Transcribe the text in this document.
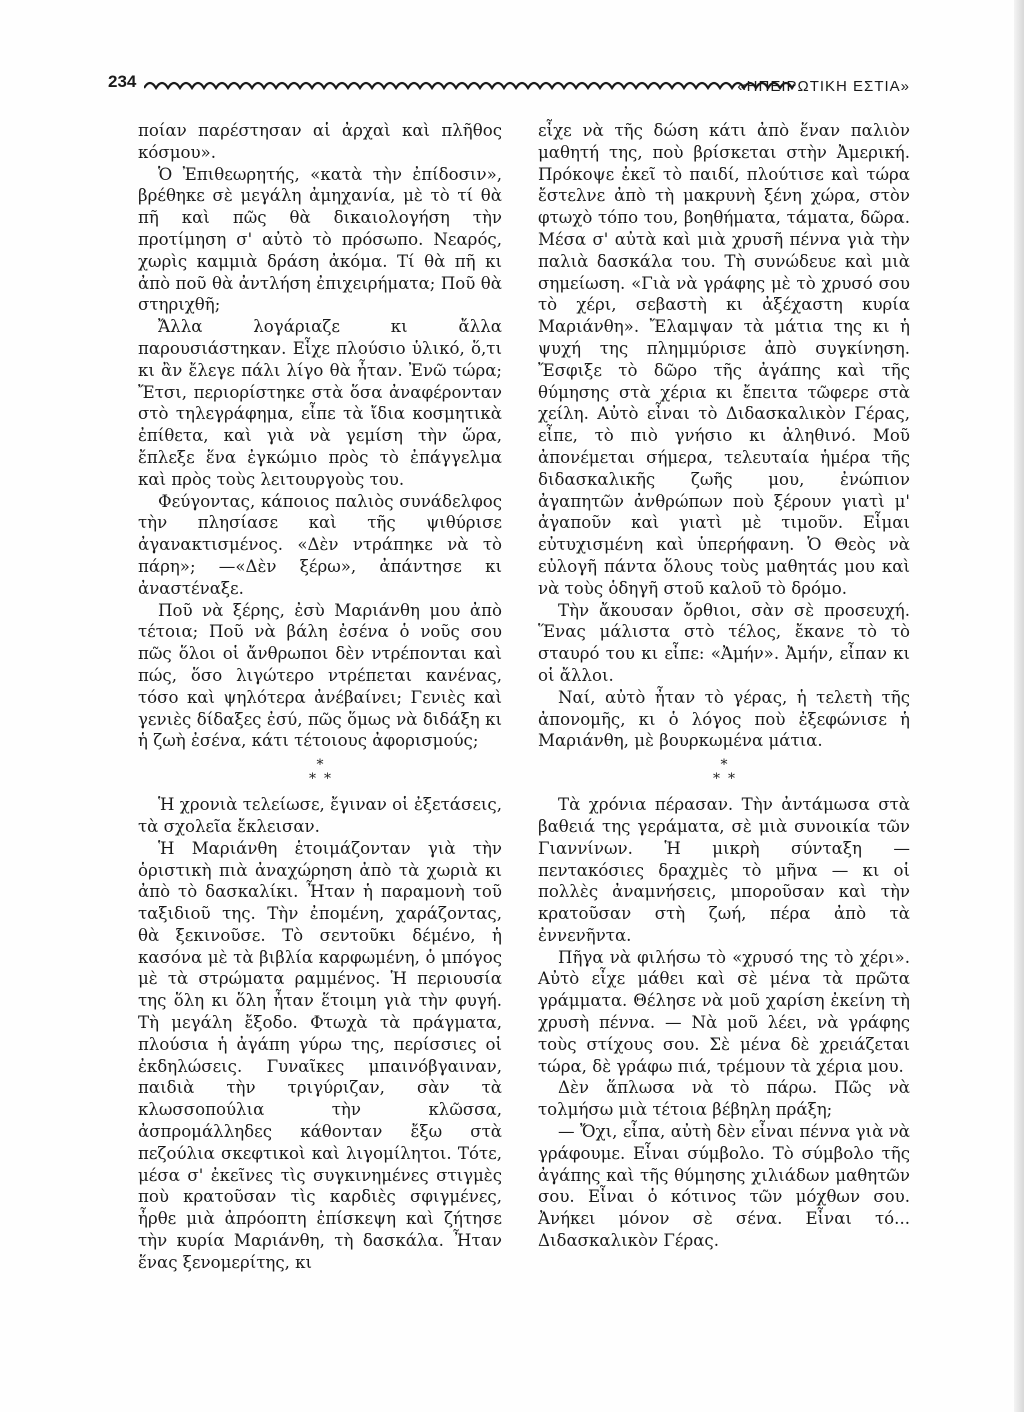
234	«ΗΠΕΙΡΩΤΙΚΗ ΕΣΤΙΑ»

ποίαν παρέστησαν αἱ ἀρχαὶ καὶ πλῆθος κόσμου».

Ὁ Ἐπιθεωρητής, «κατὰ τὴν ἐπίδοσιν», βρέθηκε σὲ μεγάλη ἀμηχανία, μὲ τὸ τί θὰ πῆ καὶ πῶς θὰ δικαιολογήση τὴν προτίμηση σ' αὐτὸ τὸ πρόσωπο. Νεαρός, χωρὶς καμμιὰ δράση ἀκόμα. Τί θὰ πῆ κι ἀπὸ ποῦ θὰ ἀντλήση ἐπιχειρήματα; Ποῦ θὰ στηριχθῆ;

Ἄλλα λογάριαζε κι ἄλλα παρουσιάστηκαν. Εἶχε πλούσιο ὑλικό, ὅ,τι κι ἂν ἔλεγε πάλι λίγο θὰ ἦταν. Ἐνῶ τώρα; Ἔτσι, περιορίστηκε στὰ ὅσα ἀναφέρονταν στὸ τηλεγράφημα, εἶπε τὰ ἴδια κοσμητικὰ ἐπίθετα, καὶ γιὰ νὰ γεμίση τὴν ὥρα, ἔπλεξε ἕνα ἐγκώμιο πρὸς τὸ ἐπάγγελμα καὶ πρὸς τοὺς λειτουργοὺς του.

Φεύγοντας, κάποιος παλιὸς συνάδελφος τὴν πλησίασε καὶ τῆς ψιθύρισε ἀγανακτισμένος. «Δὲν ντράπηκε νὰ τὸ πάρη»; —«Δὲν ξέρω», ἀπάντησε κι ἀναστέναξε.

Ποῦ νὰ ξέρης, ἐσὺ Μαριάνθη μου ἀπὸ τέτοια; Ποῦ νὰ βάλη ἐσένα ὁ νοῦς σου πῶς ὅλοι οἱ ἄνθρωποι δὲν ντρέπονται καὶ πώς, ὅσο λιγώτερο ντρέπεται κανένας, τόσο καὶ ψηλότερα ἀνέβαίνει; Γενιὲς καὶ γενιὲς δίδαξες ἐσύ, πῶς ὅμως νὰ διδάξη κι ἡ ζωὴ ἐσένα, κάτι τέτοιους ἀφορισμούς;

*
**

Ἡ χρονιὰ τελείωσε, ἔγιναν οἱ ἐξετάσεις, τὰ σχολεῖα ἔκλεισαν.

Ἡ Μαριάνθη ἑτοιμάζονταν γιὰ τὴν ὁριστικὴ πιὰ ἀναχώρηση ἀπὸ τὰ χωριὰ κι ἀπὸ τὸ δασκαλίκι. Ἦταν ἡ παραμονὴ τοῦ ταξιδιοῦ της. Τὴν ἐπομένη, χαράζοντας, θὰ ξεκινοῦσε. Τὸ σεντοῦκι δέμένο, ἡ κασόνα μὲ τὰ βιβλία καρφωμένη, ὁ μπόγος μὲ τὰ στρώματα ραμμένος. Ἡ περιουσία της ὅλη κι ὅλη ἦταν ἕτοιμη γιὰ τὴν φυγή. Τὴ μεγάλη ἔξοδο. Φτωχὰ τὰ πράγματα, πλούσια ἡ ἀγάπη γύρω της, περίσσιες οἱ ἐκδηλώσεις. Γυναῖκες μπαινόβγαιναν, παιδιὰ τὴν τριγύριζαν, σὰν τὰ κλωσσοπούλια τὴν κλῶσσα, ἀσπρομάλληδες κάθονταν ἔξω στὰ πεζούλια σκεφτικοὶ καὶ λιγομίλητοι. Τότε, μέσα σ' ἐκεῖνες τὶς συγκινημένες στιγμὲς ποὺ κρατοῦσαν τὶς καρδιὲς σφιγμένες, ἦρθε μιὰ ἀπρόοπτη ἐπίσκεψη καὶ ζήτησε τὴν κυρία Μαριάνθη, τὴ δασκάλα. Ἦταν ἕνας ξενομερίτης, κι

εἶχε νὰ τῆς δώση κάτι ἀπὸ ἕναν παλιὸν μαθητή της, ποὺ βρίσκεται στὴν Ἀμερική. Πρόκοψε ἐκεῖ τὸ παιδί, πλούτισε καὶ τώρα ἔστελνε ἀπὸ τὴ μακρυνὴ ξένη χώρα, στὸν φτωχὸ τόπο του, βοηθήματα, τάματα, δῶρα. Μέσα σ' αὐτὰ καὶ μιὰ χρυσῆ πέννα γιὰ τὴν παλιὰ δασκάλα του. Τὴ συνώδευε καὶ μιὰ σημείωση. «Γιὰ νὰ γράφης μὲ τὸ χρυσό σου τὸ χέρι, σεβαστὴ κι ἀξέχαστη κυρία Μαριάνθη». Ἔλαμψαν τὰ μάτια της κι ἡ ψυχή της πλημμύρισε ἀπὸ συγκίνηση. Ἔσφιξε τὸ δῶρο τῆς ἀγάπης καὶ τῆς θύμησης στὰ χέρια κι ἔπειτα τῶφερε στὰ χείλη. Αὐτὸ εἶναι τὸ Διδασκαλικὸν Γέρας, εἶπε, τὸ πιὸ γνήσιο κι ἀληθινό. Μοῦ ἀπονέμεται σήμερα, τελευταία ἡμέρα τῆς διδασκαλικῆς ζωῆς μου, ἐνώπιον ἀγαπητῶν ἀνθρώπων ποὺ ξέρουν γιατὶ μ' ἀγαποῦν καὶ γιατὶ μὲ τιμοῦν. Εἶμαι εὐτυχισμένη καὶ ὑπερήφανη. Ὁ Θεὸς νὰ εὐλογῆ πάντα ὅλους τοὺς μαθητάς μου καὶ νὰ τοὺς ὁδηγῆ στοῦ καλοῦ τὸ δρόμο.

Τὴν ἄκουσαν ὄρθιοι, σὰν σὲ προσευχή. Ἕνας μάλιστα στὸ τέλος, ἔκανε τὸ τὸ σταυρό του κι εἶπε: «Ἀμήν». Ἀμήν, εἶπαν κι οἱ ἄλλοι.

Ναί, αὐτὸ ἦταν τὸ γέρας, ἡ τελετὴ τῆς ἀπονομῆς, κι ὁ λόγος ποὺ ἐξεφώνισε ἡ Μαριάνθη, μὲ βουρκωμένα μάτια.

*
**

Τὰ χρόνια πέρασαν. Τὴν ἀντάμωσα στὰ βαθειά της γεράματα, σὲ μιὰ συνοικία τῶν Γιαννίνων. Ἡ μικρὴ σύνταξη — πεντακόσιες δραχμὲς τὸ μῆνα — κι οἱ πολλὲς ἀναμνήσεις, μποροῦσαν καὶ τὴν κρατοῦσαν στὴ ζωή, πέρα ἀπὸ τὰ ἐννενῆντα.

Πῆγα νὰ φιλήσω τὸ «χρυσό της τὸ χέρι». Αὐτὸ εἶχε μάθει καὶ σὲ μένα τὰ πρῶτα γράμματα. Θέλησε νὰ μοῦ χαρίση ἐκείνη τὴ χρυσὴ πέννα. — Νὰ μοῦ λέει, νὰ γράφης τοὺς στίχους σου. Σὲ μένα δὲ χρειάζεται τώρα, δὲ γράφω πιά, τρέμουν τὰ χέρια μου.

Δὲν ἅπλωσα νὰ τὸ πάρω. Πῶς νὰ τολμήσω μιὰ τέτοια βέβηλη πράξη;

— Ὄχι, εἶπα, αὐτὴ δὲν εἶναι πέννα γιὰ νὰ γράφουμε. Εἶναι σύμβολο. Τὸ σύμβολο τῆς ἀγάπης καὶ τῆς θύμησης χιλιάδων μαθητῶν σου. Εἶναι ὁ κότινος τῶν μόχθων σου. Ἀνήκει μόνον σὲ σένα. Εἶναι τό... Διδασκαλικὸν Γέρας.
